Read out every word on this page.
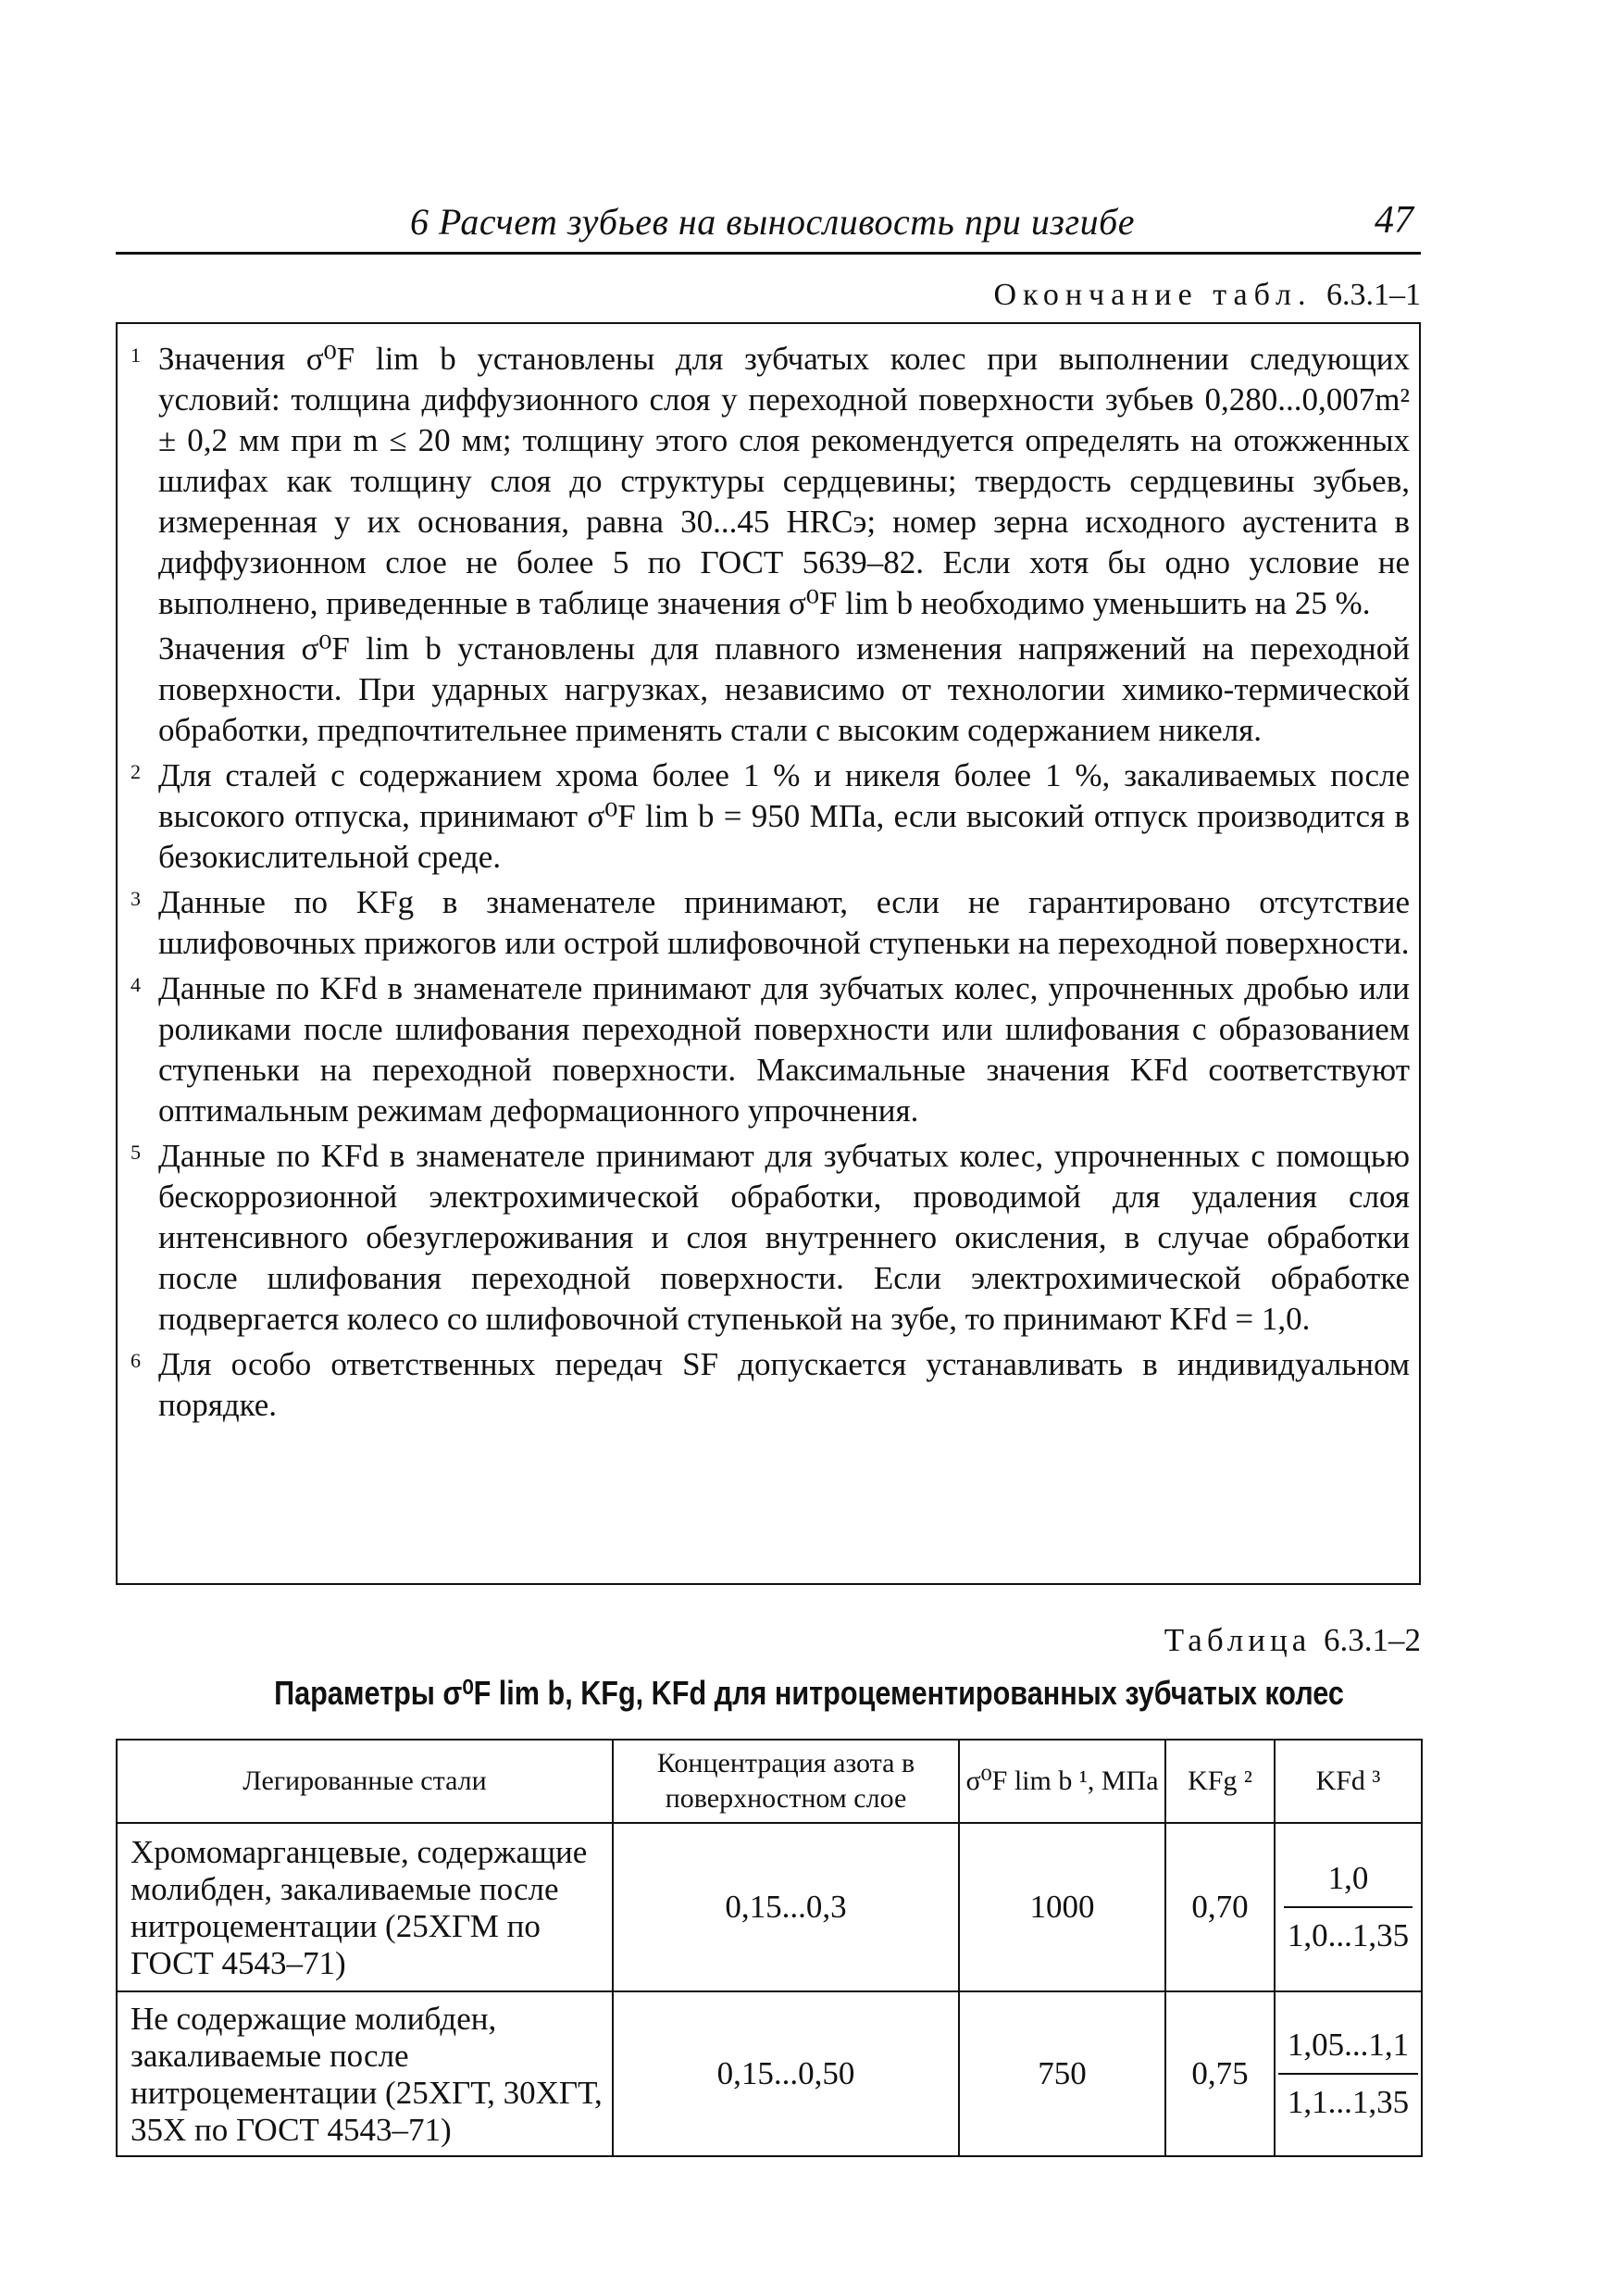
6 Расчет зубьев на выносливость при изгибе	47
Окончание табл. 6.3.1–1
1 Значения σ⁰F lim b установлены для зубчатых колес при выполнении следующих условий: толщина диффузионного слоя у переходной поверхности зубьев 0,280...0,007m² ± 0,2 мм при m ≤ 20 мм; толщину этого слоя рекомендуется определять на отожженных шлифах как толщину слоя до структуры сердцевины; твердость сердцевины зубьев, измеренная у их основания, равна 30...45 HRCэ; номер зерна исходного аустенита в диффузионном слое не более 5 по ГОСТ 5639–82. Если хотя бы одно условие не выполнено, приведенные в таблице значения σ⁰F lim b необходимо уменьшить на 25 %.
Значения σ⁰F lim b установлены для плавного изменения напряжений на переходной поверхности. При ударных нагрузках, независимо от технологии химико-термической обработки, предпочтительнее применять стали с высоким содержанием никеля.
2 Для сталей с содержанием хрома более 1 % и никеля более 1 %, закаливаемых после высокого отпуска, принимают σ⁰F lim b = 950 МПа, если высокий отпуск производится в безокислительной среде.
3 Данные по KFg в знаменателе принимают, если не гарантировано отсутствие шлифовочных прижогов или острой шлифовочной ступеньки на переходной поверхности.
4 Данные по KFd в знаменателе принимают для зубчатых колес, упрочненных дробью или роликами после шлифования переходной поверхности или шлифования с образованием ступеньки на переходной поверхности. Максимальные значения KFd соответствуют оптимальным режимам деформационного упрочнения.
5 Данные по KFd в знаменателе принимают для зубчатых колес, упрочненных с помощью бескоррозионной электрохимической обработки, проводимой для удаления слоя интенсивного обезуглероживания и слоя внутреннего окисления, в случае обработки после шлифования переходной поверхности. Если электрохимической обработке подвергается колесо со шлифовочной ступенькой на зубе, то принимают KFd = 1,0.
6 Для особо ответственных передач SF допускается устанавливать в индивидуальном порядке.
Таблица 6.3.1–2
Параметры σ⁰F lim b, KFg, KFd для нитроцементированных зубчатых колес
Легированные стали	Концентрация азота в поверхностном слое	σ⁰F lim b ¹, МПа	KFg ²	KFd ³
Хромомарганцевые, содержащие молибден, закаливаемые после нитроцементации (25ХГМ по ГОСТ 4543–71)	0,15...0,3	1000	0,70	$\frac{1,0}{1,0...1,35}$

Не содержащие молибден, закаливаемые после нитроцементации (25ХГТ, 30ХГТ, 35Х по ГОСТ 4543–71)	0,15...0,50	750	0,75	$\frac{1,05...1,1}{1,1...1,35}$
